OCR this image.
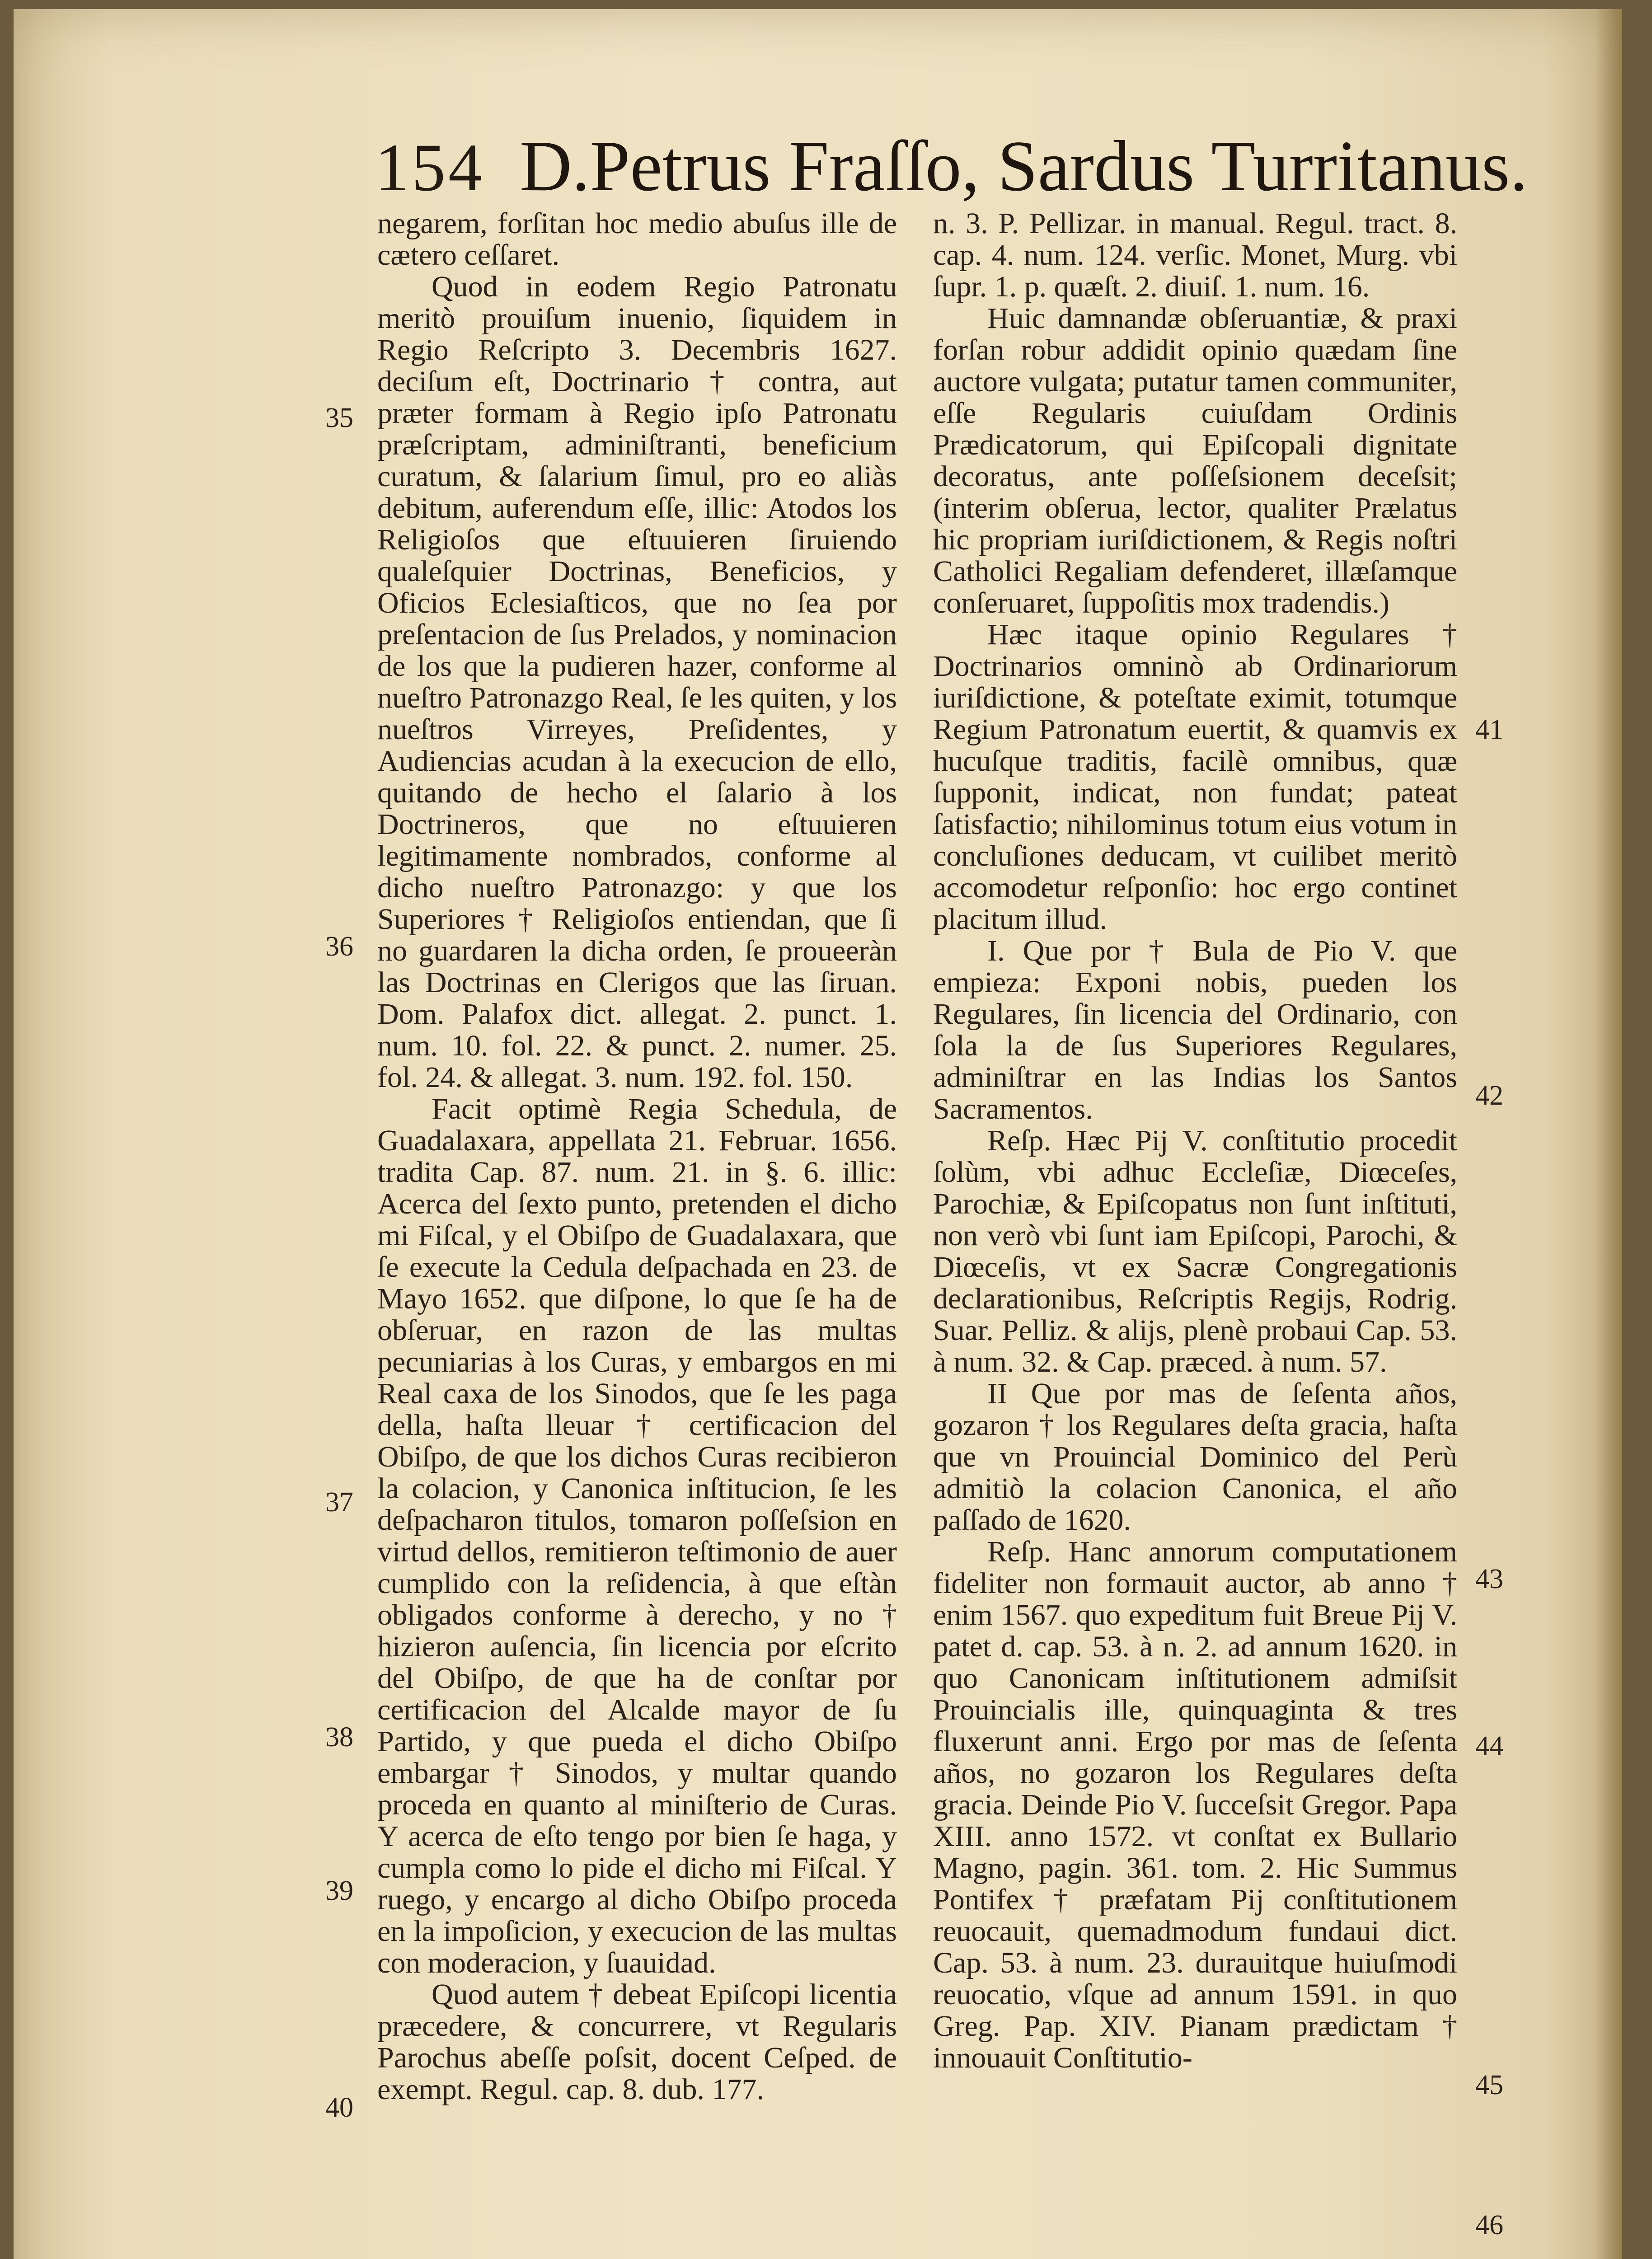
154 D.Petrus Fraſſo, Sardus Turritanus.

negarem, forſitan hoc medio abuſus ille de cætero ceſſaret.

Quod in eodem Regio Patronatu meritò prouiſum inuenio, ſiquidem in Regio Reſcripto 3. Decembris 1627. deciſum eſt, Doctrinario † contra, aut præter formam à Regio ipſo Patronatu præſcriptam, adminiſtranti, beneficium curatum, & ſalarium ſimul, pro eo aliàs debitum, auferendum eſſe, illic: Atodos los Religioſos que eſtuuieren ſiruiendo qualeſquier Doctrinas, Beneficios, y Oficios Eclesiaſticos, que no ſea por preſentacion de ſus Prelados, y nominacion de los que la pudieren hazer, conforme al nueſtro Patronazgo Real, ſe les quiten, y los nueſtros Virreyes, Preſidentes, y Audiencias acudan à la execucion de ello, quitando de hecho el ſalario à los Doctrineros, que no eſtuuieren legitimamente nombrados, conforme al dicho nueſtro Patronazgo: y que los Superiores † Religioſos entiendan, que ſi no guardaren la dicha orden, ſe proueeràn las Doctrinas en Clerigos que las ſiruan. Dom. Palafox dict. allegat. 2. punct. 1. num. 10. fol. 22. & punct. 2. numer. 25. fol. 24. & allegat. 3. num. 192. fol. 150.

Facit optimè Regia Schedula, de Guadalaxara, appellata 21. Februar. 1656. tradita Cap. 87. num. 21. in §. 6. illic: Acerca del ſexto punto, pretenden el dicho mi Fiſcal, y el Obiſpo de Guadalaxara, que ſe execute la Cedula deſpachada en 23. de Mayo 1652. que diſpone, lo que ſe ha de obſeruar, en razon de las multas pecuniarias à los Curas, y embargos en mi Real caxa de los Sinodos, que ſe les paga della, haſta lleuar † certificacion del Obiſpo, de que los dichos Curas recibieron la colacion, y Canonica inſtitucion, ſe les deſpacharon titulos, tomaron poſſeſsion en virtud dellos, remitieron teſtimonio de auer cumplido con la reſidencia, à que eſtàn obligados conforme à derecho, y no † hizieron auſencia, ſin licencia por eſcrito del Obiſpo, de que ha de conſtar por certificacion del Alcalde mayor de ſu Partido, y que pueda el dicho Obiſpo embargar † Sinodos, y multar quando proceda en quanto al miniſterio de Curas. Y acerca de eſto tengo por bien ſe haga, y cumpla como lo pide el dicho mi Fiſcal. Y ruego, y encargo al dicho Obiſpo proceda en la impoſicion, y execucion de las multas con moderacion, y ſuauidad.

Quod autem † debeat Epiſcopi licentia præcedere, & concurrere, vt Regularis Parochus abeſſe poſsit, docent Ceſped. de exempt. Regul. cap. 8. dub. 177.

n. 3. P. Pellizar. in manual. Regul. tract. 8. cap. 4. num. 124. verſic. Monet, Murg. vbi ſupr. 1. p. quæſt. 2. diuiſ. 1. num. 16.

Huic damnandæ obſeruantiæ, & praxi forſan robur addidit opinio quædam ſine auctore vulgata; putatur tamen communiter, eſſe Regularis cuiuſdam Ordinis Prædicatorum, qui Epiſcopali dignitate decoratus, ante poſſeſsionem deceſsit; (interim obſerua, lector, qualiter Prælatus hic propriam iuriſdictionem, & Regis noſtri Catholici Regaliam defenderet, illæſamque conſeruaret, ſuppoſitis mox tradendis.)

Hæc itaque opinio Regulares † Doctrinarios omninò ab Ordinariorum iuriſdictione, & poteſtate eximit, totumque Regium Patronatum euertit, & quamvis ex hucuſque traditis, facilè omnibus, quæ ſupponit, indicat, non fundat; pateat ſatisfactio; nihilominus totum eius votum in concluſiones deducam, vt cuilibet meritò accomodetur reſponſio: hoc ergo continet placitum illud.

I. Que por † Bula de Pio V. que empieza: Exponi nobis, pueden los Regulares, ſin licencia del Ordinario, con ſola la de ſus Superiores Regulares, adminiſtrar en las Indias los Santos Sacramentos.

Reſp. Hæc Pij V. conſtitutio procedit ſolùm, vbi adhuc Eccleſiæ, Diœceſes, Parochiæ, & Epiſcopatus non ſunt inſtituti, non verò vbi ſunt iam Epiſcopi, Parochi, & Diœceſis, vt ex Sacræ Congregationis declarationibus, Reſcriptis Regijs, Rodrig. Suar. Pelliz. & alijs, plenè probaui Cap. 53. à num. 32. & Cap. præced. à num. 57.

II Que por mas de ſeſenta años, gozaron † los Regulares deſta gracia, haſta que vn Prouincial Dominico del Perù admitiò la colacion Canonica, el año paſſado de 1620.

Reſp. Hanc annorum computationem fideliter non formauit auctor, ab anno † enim 1567. quo expeditum fuit Breue Pij V. patet d. cap. 53. à n. 2. ad annum 1620. in quo Canonicam inſtitutionem admiſsit Prouincialis ille, quinquaginta & tres fluxerunt anni. Ergo por mas de ſeſenta años, no gozaron los Regulares deſta gracia. Deinde Pio V. ſucceſsit Gregor. Papa XIII. anno 1572. vt conſtat ex Bullario Magno, pagin. 361. tom. 2. Hic Summus Pontifex † præfatam Pij conſtitutionem reuocauit, quemadmodum fundaui dict. Cap. 53. à num. 23. durauitque huiuſmodi reuocatio, vſque ad annum 1591. in quo Greg. Pap. XIV. Pianam prædictam † innouauit Conſtitutio-

35
36
37
38
39
40
41
42
43
44
45
46
